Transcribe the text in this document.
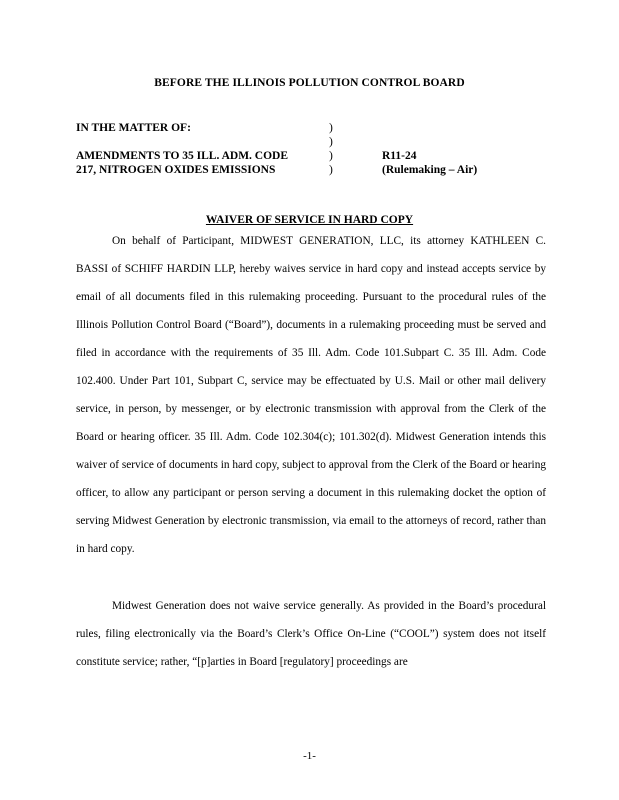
BEFORE THE ILLINOIS POLLUTION CONTROL BOARD
IN THE MATTER OF:

AMENDMENTS TO 35 ILL. ADM. CODE
217, NITROGEN OXIDES EMISSIONS
)
)
)
)
R11-24
(Rulemaking – Air)
WAIVER OF SERVICE IN HARD COPY

On behalf of Participant, MIDWEST GENERATION, LLC, its attorney KATHLEEN C. BASSI of SCHIFF HARDIN LLP, hereby waives service in hard copy and instead accepts service by email of all documents filed in this rulemaking proceeding. Pursuant to the procedural rules of the Illinois Pollution Control Board (“Board”), documents in a rulemaking proceeding must be served and filed in accordance with the requirements of 35 Ill. Adm. Code 101.Subpart C. 35 Ill. Adm. Code 102.400. Under Part 101, Subpart C, service may be effectuated by U.S. Mail or other mail delivery service, in person, by messenger, or by electronic transmission with approval from the Clerk of the Board or hearing officer. 35 Ill. Adm. Code 102.304(c); 101.302(d). Midwest Generation intends this waiver of service of documents in hard copy, subject to approval from the Clerk of the Board or hearing officer, to allow any participant or person serving a document in this rulemaking docket the option of serving Midwest Generation by electronic transmission, via email to the attorneys of record, rather than in hard copy.

Midwest Generation does not waive service generally. As provided in the Board’s procedural rules, filing electronically via the Board’s Clerk’s Office On-Line (“COOL”) system does not itself constitute service; rather, “[p]arties in Board [regulatory] proceedings are

-1-
